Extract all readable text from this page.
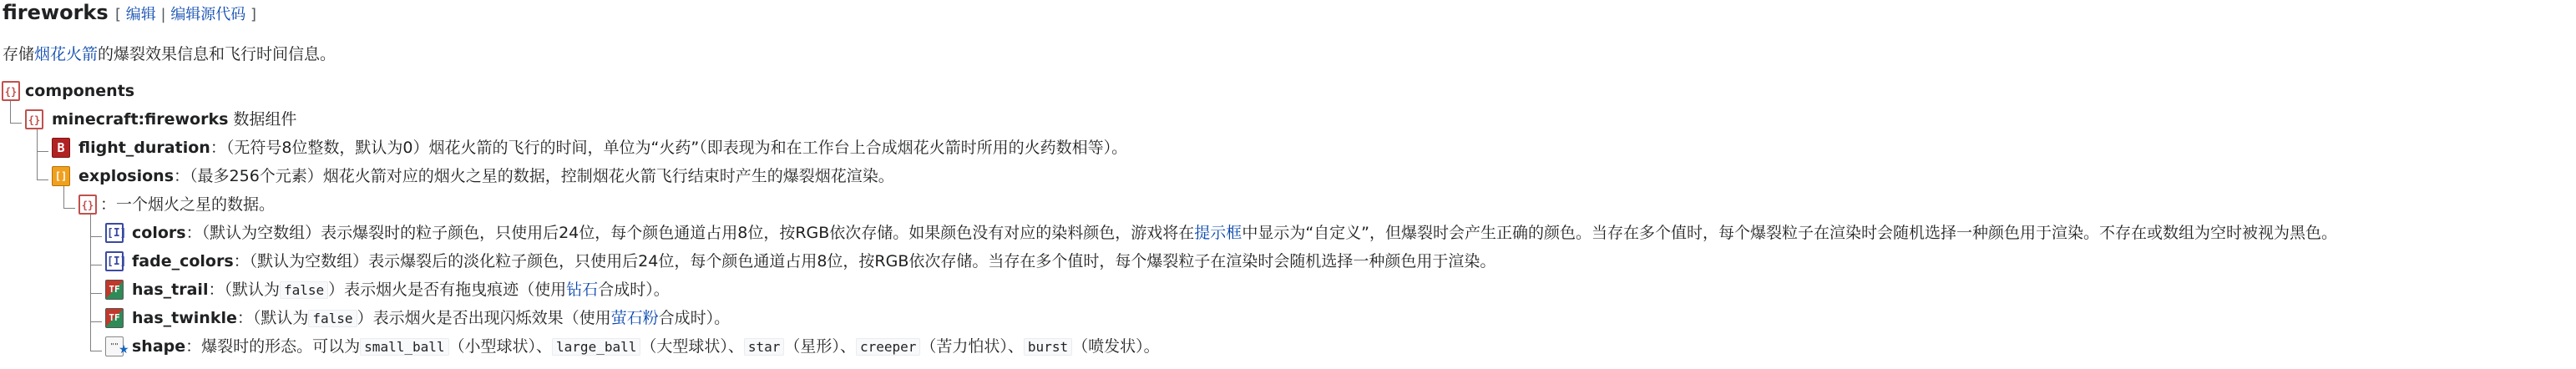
fireworks [ 编辑 | 编辑源代码 ]
存储烟花火箭的爆裂效果信息和飞行时间信息。
{} components
{} minecraft:fireworks 数据组件
B flight_duration：（无符号8位整数，默认为0）烟花火箭的飞行的时间，单位为“火药”（即表现为和在工作台上合成烟花火箭时所用的火药数相等）。
[] explosions：（最多256个元素）烟花火箭对应的烟火之星的数据，控制烟花火箭飞行结束时产生的爆裂烟花渲染。
{} ：一个烟火之星的数据。
[I] colors：（默认为空数组）表示爆裂时的粒子颜色，只使用后24位，每个颜色通道占用8位，按RGB依次存储。如果颜色没有对应的染料颜色，游戏将在提示框中显示为“自定义”，但爆裂时会产生正确的颜色。当存在多个值时，每个爆裂粒子在渲染时会随机选择一种颜色用于渲染。不存在或数组为空时被视为黑色。
[I] fade_colors：（默认为空数组）表示爆裂后的淡化粒子颜色，只使用后24位，每个颜色通道占用8位，按RGB依次存储。当存在多个值时，每个爆裂粒子在渲染时会随机选择一种颜色用于渲染。
TF has_trail：（默认为 false ）表示烟火是否有拖曳痕迹（使用钻石合成时）。
TF has_twinkle：（默认为 false ）表示烟火是否出现闪烁效果（使用萤石粉合成时）。
"" ★ shape：爆裂时的形态。可以为 small_ball （小型球状）、 large_ball （大型球状）、 star （星形）、 creeper （苦力怕状）、 burst （喷发状）。
